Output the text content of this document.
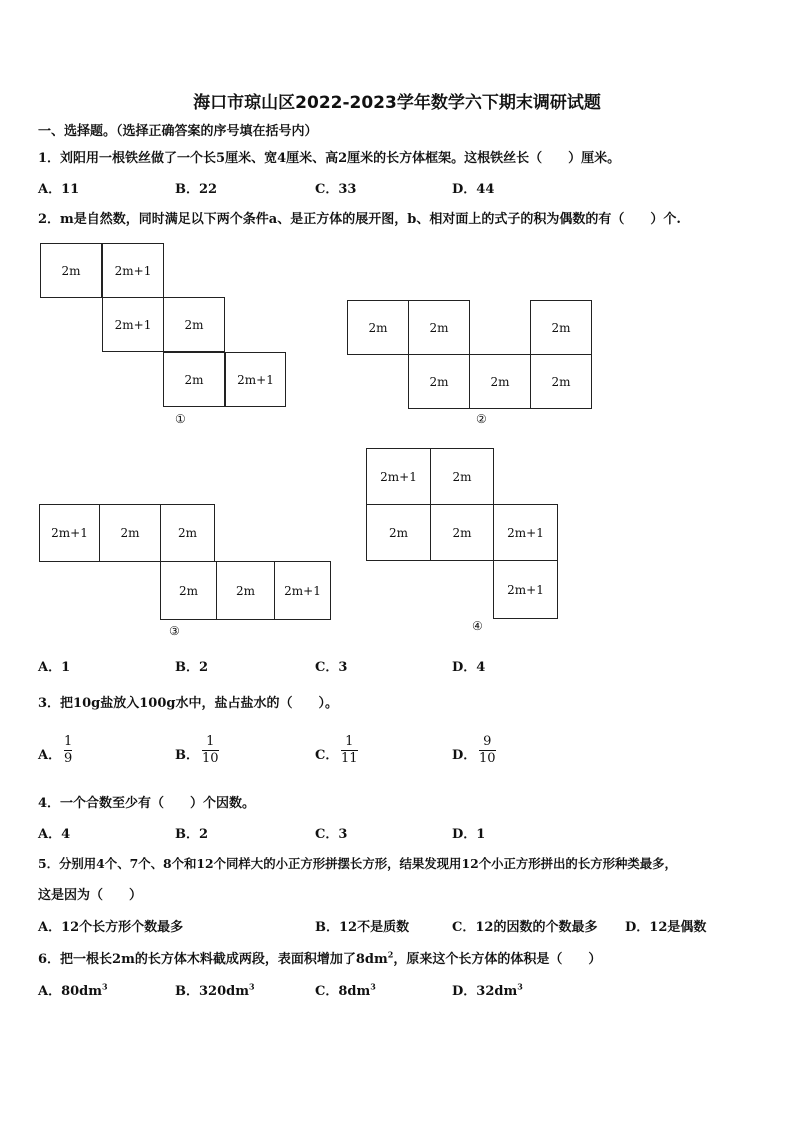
海口市琼山区2022-2023学年数学六下期末调研试题
一、选择题。（选择正确答案的序号填在括号内）
1．刘阳用一根铁丝做了一个长5厘米、宽4厘米、高2厘米的长方体框架。这根铁丝长（　　）厘米。
A．11	B．22	C．33	D．44
2．m是自然数，同时满足以下两个条件a、是正方体的展开图，b、相对面上的式子的积为偶数的有（　　）个.
2m	2m+1
2m+1	2m
2m	2m+1
①
2m	2m	2m
2m	2m	2m
②
2m+1	2m	2m
2m	2m	2m+1
③
2m+1	2m
2m	2m	2m+1
2m+1
④
A．1	B．2	C．3	D．4
3．把10g盐放入100g水中，盐占盐水的（　　）。
A．
1
9	B．
1
10	C．
1
11	D．
9
10
4．一个合数至少有（　　）个因数。
A．4	B．2	C．3	D．1
5．分别用4个、7个、8个和12个同样大的小正方形拼摆长方形，结果发现用12个小正方形拼出的长方形种类最多，
这是因为（　　）
A．12个长方形个数最多	B．12不是质数	C．12的因数的个数最多 D．12是偶数
6．把一根长2m的长方体木料截成两段，表面积增加了$8dm^2$，原来这个长方体的体积是（　　）
A．$80dm^3$	B．$320dm^3$	C．$8dm^3$	D．$32dm^3$
